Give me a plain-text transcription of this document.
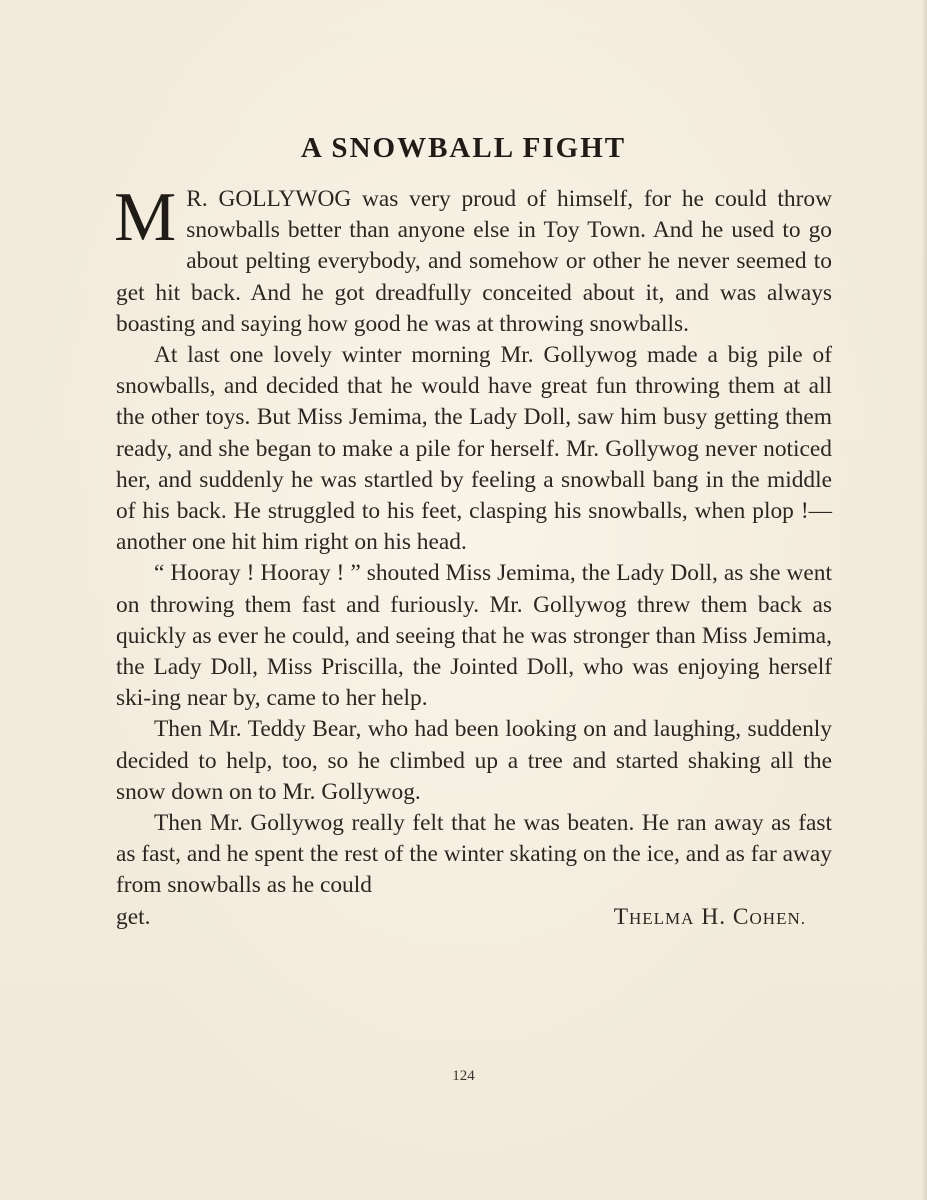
A SNOWBALL FIGHT

M R. GOLLYWOG was very proud of himself, for he could throw snowballs better than anyone else in Toy Town. And he used to go about pelting everybody, and somehow or other he never seemed to get hit back. And he got dreadfully conceited about it, and was always boasting and saying how good he was at throwing snowballs.

At last one lovely winter morning Mr. Gollywog made a big pile of snowballs, and decided that he would have great fun throwing them at all the other toys. But Miss Jemima, the Lady Doll, saw him busy getting them ready, and she began to make a pile for herself. Mr. Gollywog never noticed her, and suddenly he was startled by feeling a snowball bang in the middle of his back. He struggled to his feet, clasping his snowballs, when plop !—another one hit him right on his head.

“ Hooray ! Hooray ! ” shouted Miss Jemima, the Lady Doll, as she went on throwing them fast and furiously. Mr. Gollywog threw them back as quickly as ever he could, and seeing that he was stronger than Miss Jemima, the Lady Doll, Miss Priscilla, the Jointed Doll, who was enjoying herself ski-ing near by, came to her help.

Then Mr. Teddy Bear, who had been looking on and laughing, suddenly decided to help, too, so he climbed up a tree and started shaking all the snow down on to Mr. Gollywog.

Then Mr. Gollywog really felt that he was beaten. He ran away as fast as fast, and he spent the rest of the winter skating on the ice, and as far away from snowballs as he could

get.	THELMA H. COHEN.
124
